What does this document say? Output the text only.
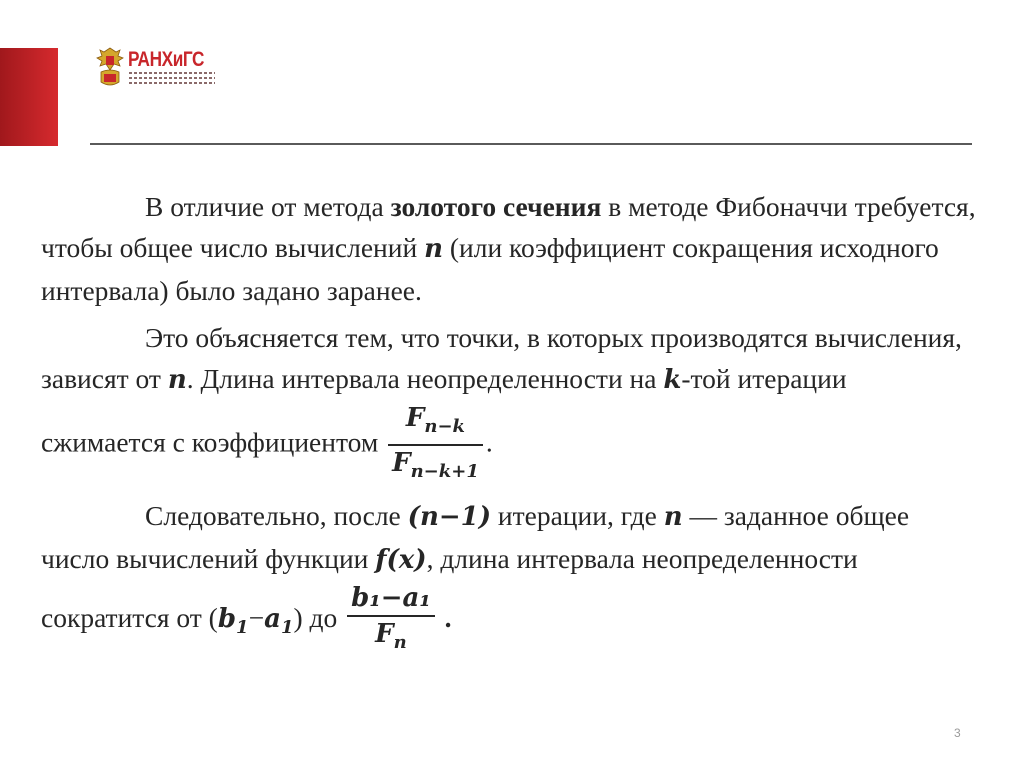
РАНХиГС

В отличие от метода золотого сечения в методе Фибоначчи требуется, чтобы общее число вычислений n (или коэффициент сокращения исходного интервала) было задано заранее.

Это объясняется тем, что точки, в которых производятся вычисления, зависят от n. Длина интервала неопределенности на k-той итерации сжимается с коэффициентом $\frac{F_{n-k}}{F_{n-k+1}}$ .

Следовательно, после (n−1) итерации, где n — заданное общее число вычислений функции f(x), длина интервала неопределенности сократится от $(b_1-a_1)$ до $\frac{\text{b₁−a₁}}{F_n}$ .

3
